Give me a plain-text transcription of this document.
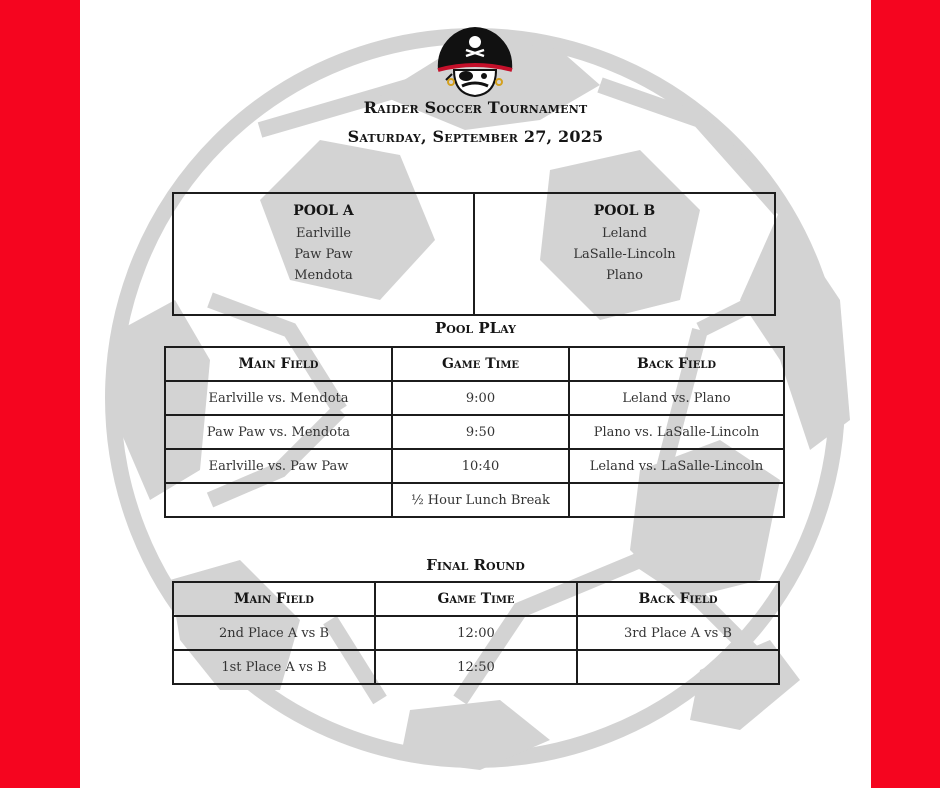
Raider Soccer Tournament
Saturday, September 27, 2025
POOL A
Earlville
Paw Paw
Mendota
POOL B
Leland
LaSalle-Lincoln
Plano
Pool PLay
Main Field	Game Time	Back Field
Earlville vs. Mendota	9:00	Leland vs. Plano
Paw Paw vs. Mendota	9:50	Plano vs. LaSalle-Lincoln
Earlville vs. Paw Paw	10:40	Leland vs. LaSalle-Lincoln
	½ Hour Lunch Break	
Final Round
Main Field	Game Time	Back Field
2nd Place A vs B	12:00	3rd Place A vs B
1st Place A vs B	12:50	
